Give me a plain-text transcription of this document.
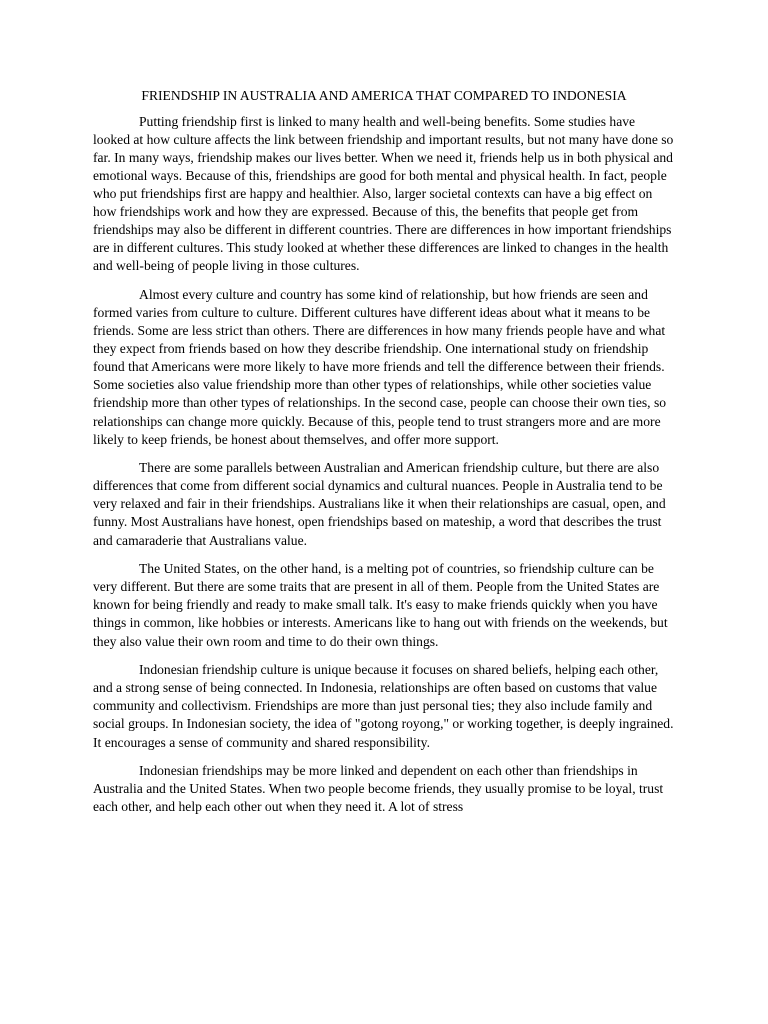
FRIENDSHIP IN AUSTRALIA AND AMERICA THAT COMPARED TO INDONESIA

Putting friendship first is linked to many health and well-being benefits. Some studies have looked at how culture affects the link between friendship and important results, but not many have done so far. In many ways, friendship makes our lives better. When we need it, friends help us in both physical and emotional ways. Because of this, friendships are good for both mental and physical health. In fact, people who put friendships first are happy and healthier. Also, larger societal contexts can have a big effect on how friendships work and how they are expressed. Because of this, the benefits that people get from friendships may also be different in different countries. There are differences in how important friendships are in different cultures. This study looked at whether these differences are linked to changes in the health and well-being of people living in those cultures.

Almost every culture and country has some kind of relationship, but how friends are seen and formed varies from culture to culture. Different cultures have different ideas about what it means to be friends. Some are less strict than others. There are differences in how many friends people have and what they expect from friends based on how they describe friendship. One international study on friendship found that Americans were more likely to have more friends and tell the difference between their friends. Some societies also value friendship more than other types of relationships, while other societies value friendship more than other types of relationships. In the second case, people can choose their own ties, so relationships can change more quickly. Because of this, people tend to trust strangers more and are more likely to keep friends, be honest about themselves, and offer more support.

There are some parallels between Australian and American friendship culture, but there are also differences that come from different social dynamics and cultural nuances. People in Australia tend to be very relaxed and fair in their friendships. Australians like it when their relationships are casual, open, and funny. Most Australians have honest, open friendships based on mateship, a word that describes the trust and camaraderie that Australians value.

The United States, on the other hand, is a melting pot of countries, so friendship culture can be very different. But there are some traits that are present in all of them. People from the United States are known for being friendly and ready to make small talk. It's easy to make friends quickly when you have things in common, like hobbies or interests. Americans like to hang out with friends on the weekends, but they also value their own room and time to do their own things.

Indonesian friendship culture is unique because it focuses on shared beliefs, helping each other, and a strong sense of being connected. In Indonesia, relationships are often based on customs that value community and collectivism. Friendships are more than just personal ties; they also include family and social groups. In Indonesian society, the idea of "gotong royong," or working together, is deeply ingrained. It encourages a sense of community and shared responsibility.

Indonesian friendships may be more linked and dependent on each other than friendships in Australia and the United States. When two people become friends, they usually promise to be loyal, trust each other, and help each other out when they need it. A lot of stress
